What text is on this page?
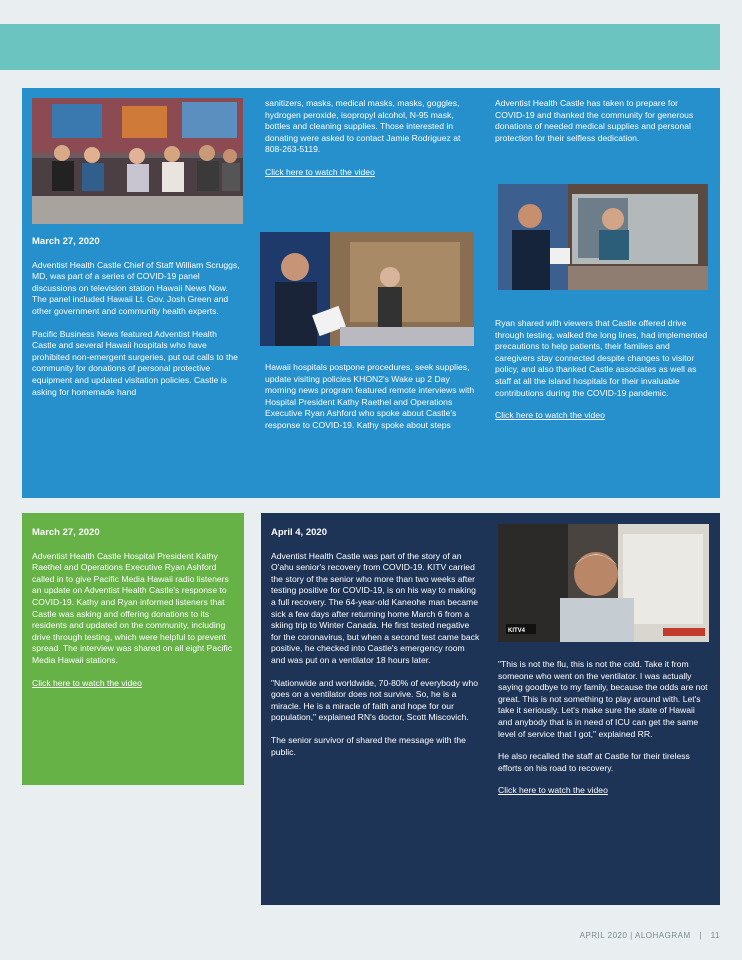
March 27, 2020

Adventist Health Castle Chief of Staff William Scruggs, MD, was part of a series of COVID-19 panel discussions on television station Hawaii News Now. The panel included Hawaii Lt. Gov. Josh Green and other government and community health experts.

Pacific Business News featured Adventist Health Castle and several Hawaii hospitals who have prohibited non-emergent surgeries, put out calls to the community for donations of personal protective equipment and updated visitation policies. Castle is asking for homemade hand

sanitizers, masks, medical masks, masks, goggles, hydrogen peroxide, isopropyl alcohol, N-95 mask, bottles and cleaning supplies. Those interested in donating were asked to contact Jamie Rodriguez at 808-263-5119.

Click here to watch the video

Hawaii hospitals postpone procedures, seek supplies, update visiting policies KHON2's Wake up 2 Day morning news program featured remote interviews with Hospital President Kathy Raethel and Operations Executive Ryan Ashford who spoke about Castle's response to COVID-19. Kathy spoke about steps

Adventist Health Castle has taken to prepare for COVID-19 and thanked the community for generous donations of needed medical supplies and personal protection for their selfless dedication.

Ryan shared with viewers that Castle offered drive through testing, walked the long lines, had implemented precautions to help patients, their families and caregivers stay connected despite changes to visitor policy, and also thanked Castle associates as well as staff at all the island hospitals for their invaluable contributions during the COVID-19 pandemic.

Click here to watch the video
March 27, 2020

Adventist Health Castle Hospital President Kathy Raethel and Operations Executive Ryan Ashford called in to give Pacific Media Hawaii radio listeners an update on Adventist Health Castle's response to COVID-19. Kathy and Ryan informed listeners that Castle was asking and offering donations to its residents and updated on the community, including drive through testing, which were helpful to prevent spread. The interview was shared on all eight Pacific Media Hawaii stations.

Click here to watch the video
April 4, 2020

Adventist Health Castle was part of the story of an O'ahu senior's recovery from COVID-19. KITV carried the story of the senior who more than two weeks after testing positive for COVID-19, is on his way to making a full recovery. The 64-year-old Kaneohe man became sick a few days after returning home March 6 from a skiing trip to Winter Canada. He first tested negative for the coronavirus, but when a second test came back positive, he checked into Castle's emergency room and was put on a ventilator 18 hours later.

"Nationwide and worldwide, 70-80% of everybody who goes on a ventilator does not survive. So, he is a miracle. He is a miracle of faith and hope for our population," explained RN's doctor, Scott Miscovich.

The senior survivor of shared the message with the public.

KITV4

"This is not the flu, this is not the cold. Take it from someone who went on the ventilator. I was actually saying goodbye to my family, because the odds are not great. This is not something to play around with. Let's take it seriously. Let's make sure the state of Hawaii and anybody that is in need of ICU can get the same level of service that I got," explained RR.

He also recalled the staff at Castle for their tireless efforts on his road to recovery.

Click here to watch the video
APRIL 2020 | ALOHAGRAM | 11
